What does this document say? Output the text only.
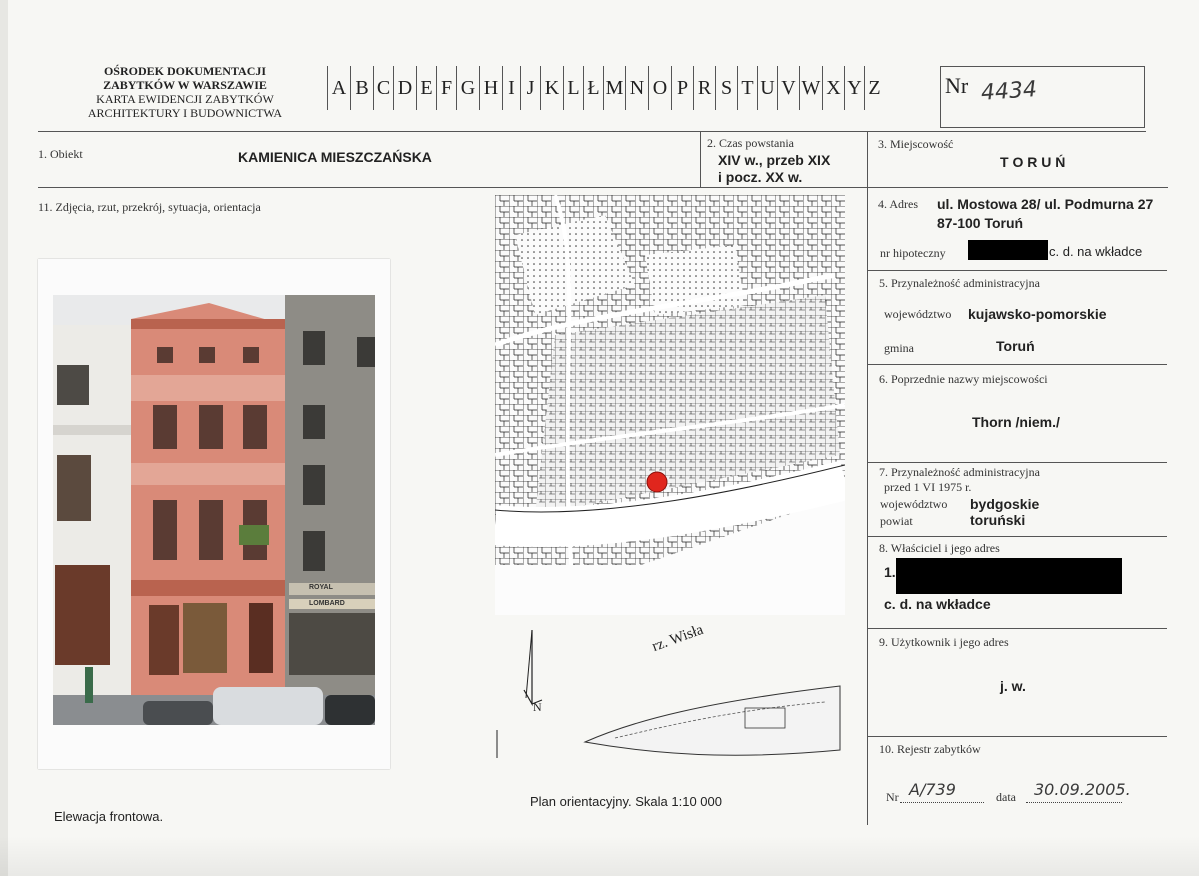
OŚRODEK DOKUMENTACJI
ZABYTKÓW W WARSZAWIE
KARTA EWIDENCJI ZABYTKÓW
ARCHITEKTURY I BUDOWNICTWA
A B C D E F G H I J K L Ł M N O P R S T U V W X Y Z	Nr 4434
1. Obiekt	KAMIENICA MIESZCZAŃSKA
2. Czas powstania
XIV w., przeb XIX
i pocz. XX w.
3. Miejscowość
T O R U Ń
11. Zdjęcia, rzut, przekrój, sytuacja, orientacja
ROYAL
LOMBARD
Elewacja frontowa.
rz. Wisła
N
Plan orientacyjny. Skala 1:10 000
4. Adres ul. Mostowa 28/ ul. Podmurna 27
87-100 Toruń
nr hipoteczny	c. d. na wkładce
5. Przynależność administracyjna
województwo kujawsko-pomorskie
gmina	Toruń
6. Poprzednie nazwy miejscowości
Thorn /niem./
7. Przynależność administracyjna
przed 1 VI 1975 r.
województwo bydgoskie
powiat	toruński
8. Właściciel i jego adres
1.
c. d. na wkładce
9. Użytkownik i jego adres
j. w.
10. Rejestr zabytków
Nr A/739	data 30.09.2005.
